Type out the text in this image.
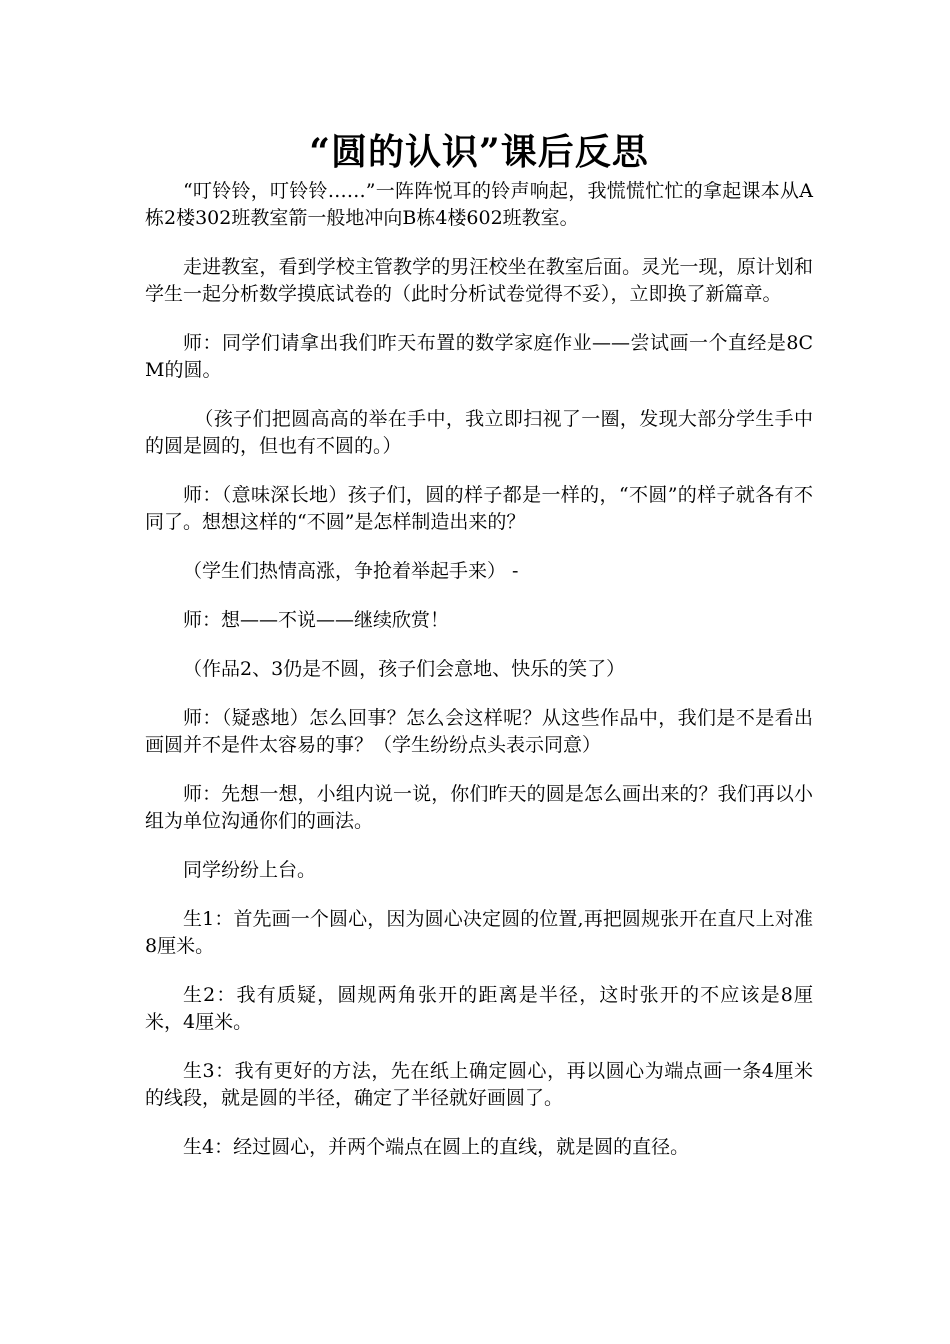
“圆的认识”课后反思

“叮铃铃，叮铃铃……”一阵阵悦耳的铃声响起，我慌慌忙忙的拿起课本从A栋2楼302班教室箭一般地冲向B栋4楼602班教室。

走进教室，看到学校主管教学的男汪校坐在教室后面。灵光一现，原计划和学生一起分析数学摸底试卷的（此时分析试卷觉得不妥），立即换了新篇章。

师：同学们请拿出我们昨天布置的数学家庭作业——尝试画一个直经是8CM的圆。

（孩子们把圆高高的举在手中，我立即扫视了一圈，发现大部分学生手中的圆是圆的，但也有不圆的。）

师：（意味深长地）孩子们，圆的样子都是一样的，“不圆”的样子就各有不同了。想想这样的“不圆”是怎样制造出来的？

（学生们热情高涨，争抢着举起手来） -

师：想——不说——继续欣赏！

（作品2、3仍是不圆，孩子们会意地、快乐的笑了）

师：（疑惑地）怎么回事？怎么会这样呢？从这些作品中，我们是不是看出画圆并不是件太容易的事？（学生纷纷点头表示同意）

师：先想一想，小组内说一说，你们昨天的圆是怎么画出来的？我们再以小组为单位沟通你们的画法。

同学纷纷上台。

生1：首先画一个圆心，因为圆心决定圆的位置,再把圆规张开在直尺上对准8厘米。

生2：我有质疑，圆规两角张开的距离是半径，这时张开的不应该是8厘米，4厘米。

生3：我有更好的方法，先在纸上确定圆心，再以圆心为端点画一条4厘米的线段，就是圆的半径，确定了半径就好画圆了。

生4：经过圆心，并两个端点在圆上的直线，就是圆的直径。
